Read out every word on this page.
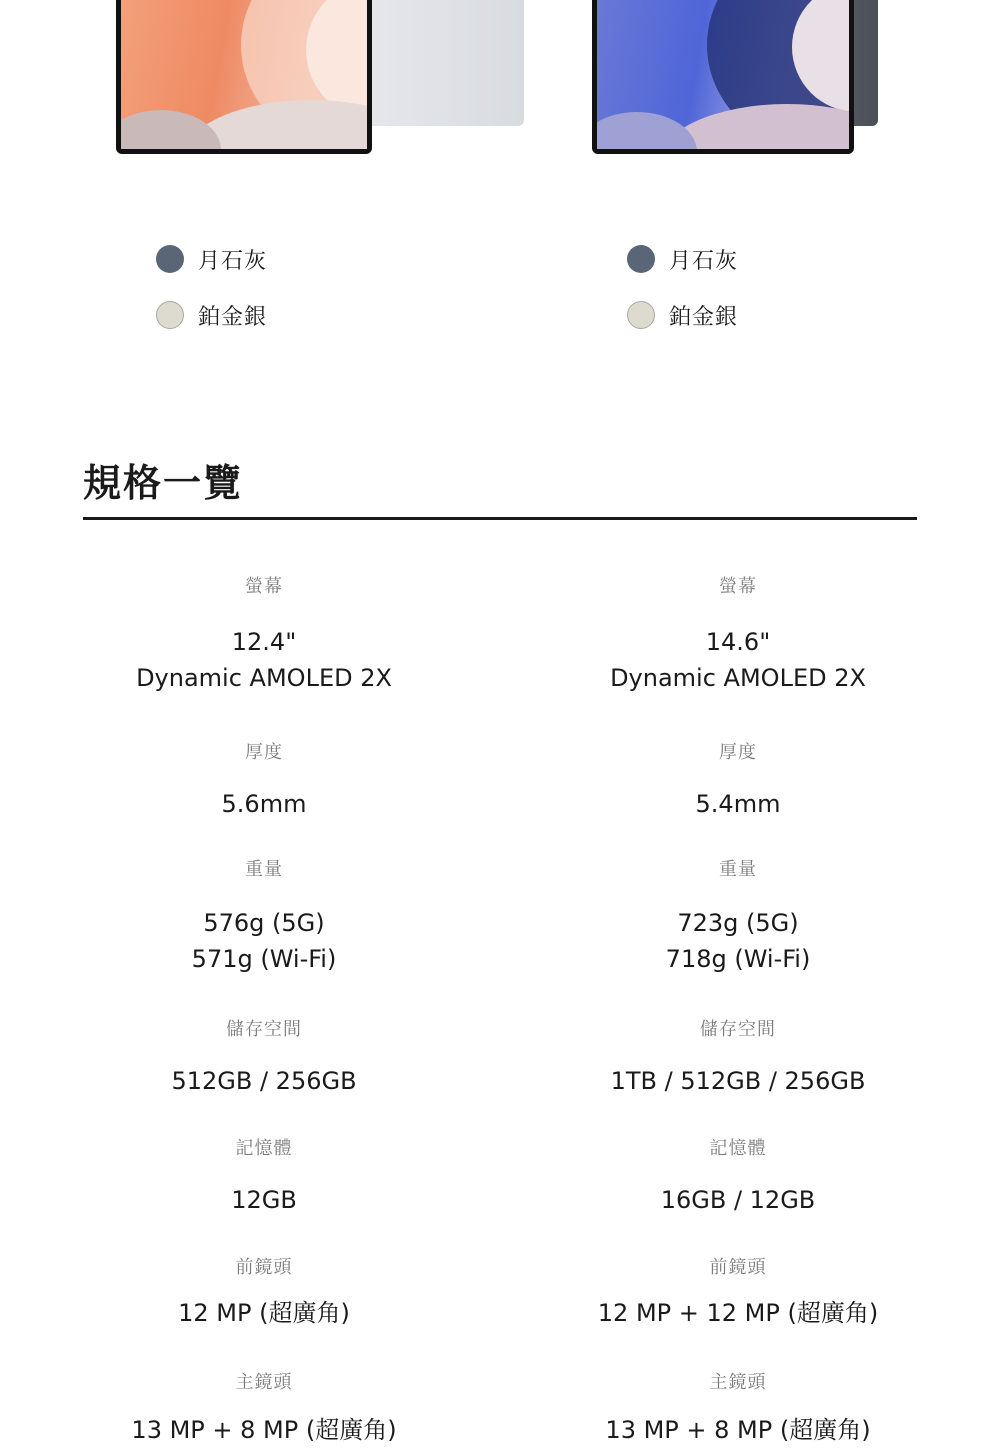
月石灰
鉑金銀
月石灰
鉑金銀
規格一覽
螢幕
12.4"
Dynamic AMOLED 2X
厚度
5.6mm
重量
576g (5G)
571g (Wi-Fi)
儲存空間
512GB / 256GB
記憶體
12GB
前鏡頭
12 MP (超廣角)
主鏡頭
13 MP + 8 MP (超廣角)
螢幕
14.6"
Dynamic AMOLED 2X
厚度
5.4mm
重量
723g (5G)
718g (Wi-Fi)
儲存空間
1TB / 512GB / 256GB
記憶體
16GB / 12GB
前鏡頭
12 MP + 12 MP (超廣角)
主鏡頭
13 MP + 8 MP (超廣角)
